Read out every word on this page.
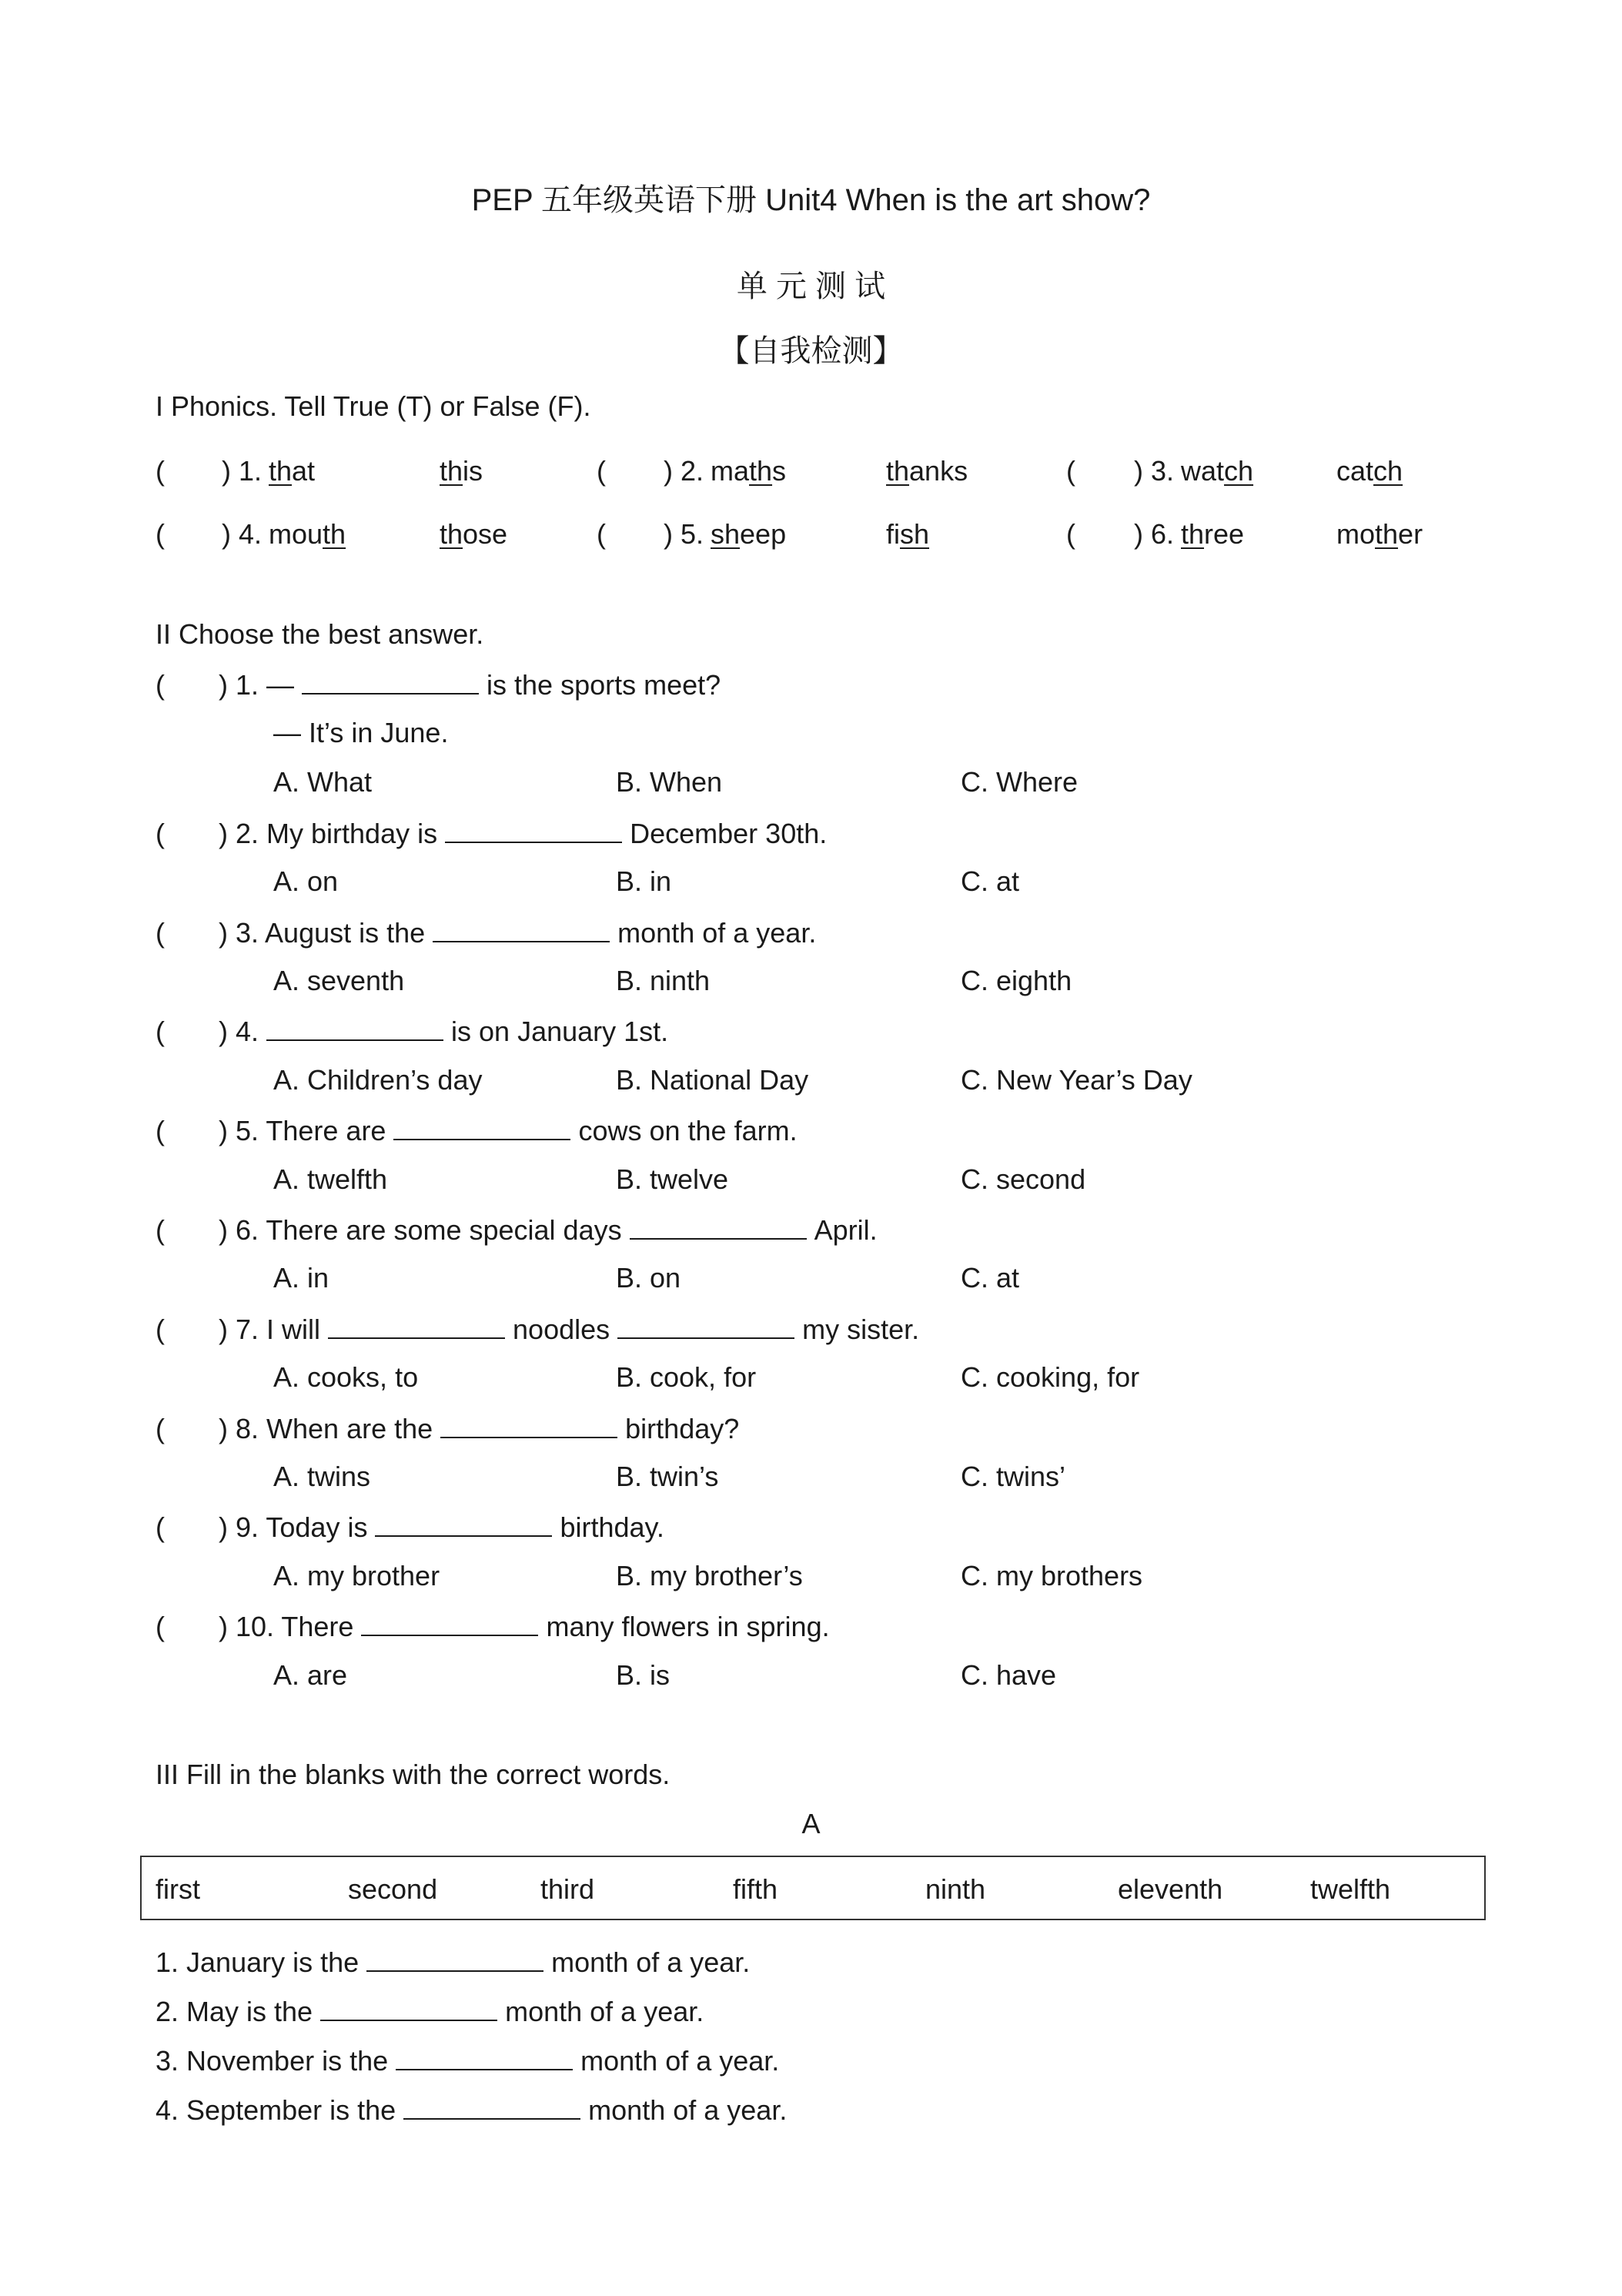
PEP 五年级英语下册 Unit4 When is the art show?
单 元 测 试
【自我检测】
I Phonics. Tell True (T) or False (F).
( ) 1. that	this	( ) 2. maths	thanks	( ) 3. watch	catch
( ) 4. mouth	those	( ) 5. sheep	fish	( ) 6. three	mother
II Choose the best answer.
(       ) 1. —	is the sports meet?
— It’s in June.
A. What	B. When	C. Where
(       ) 2. My birthday is	December 30th.
A. on	B. in	C. at
(       ) 3. August is the	month of a year.
A. seventh	B. ninth	C. eighth
(       ) 4.	is on January 1st.
A. Children’s day	B. National Day	C. New Year’s Day
(       ) 5. There are	cows on the farm.
A. twelfth	B. twelve	C. second
(       ) 6. There are some special days	April.
A. in	B. on	C. at
(       ) 7. I will	noodles	my sister.
A. cooks, to	B. cook, for	C. cooking, for
(       ) 8. When are the	birthday?
A. twins	B. twin’s	C. twins’
(       ) 9. Today is	birthday.
A. my brother	B. my brother’s	C. my brothers
(       ) 10. There	many flowers in spring.
A. are	B. is	C. have
III Fill in the blanks with the correct words.
A
first	second	third	fifth	ninth	eleventh	twelfth
1. January is the	month of a year.
2. May is the	month of a year.
3. November is the	month of a year.
4. September is the	month of a year.
